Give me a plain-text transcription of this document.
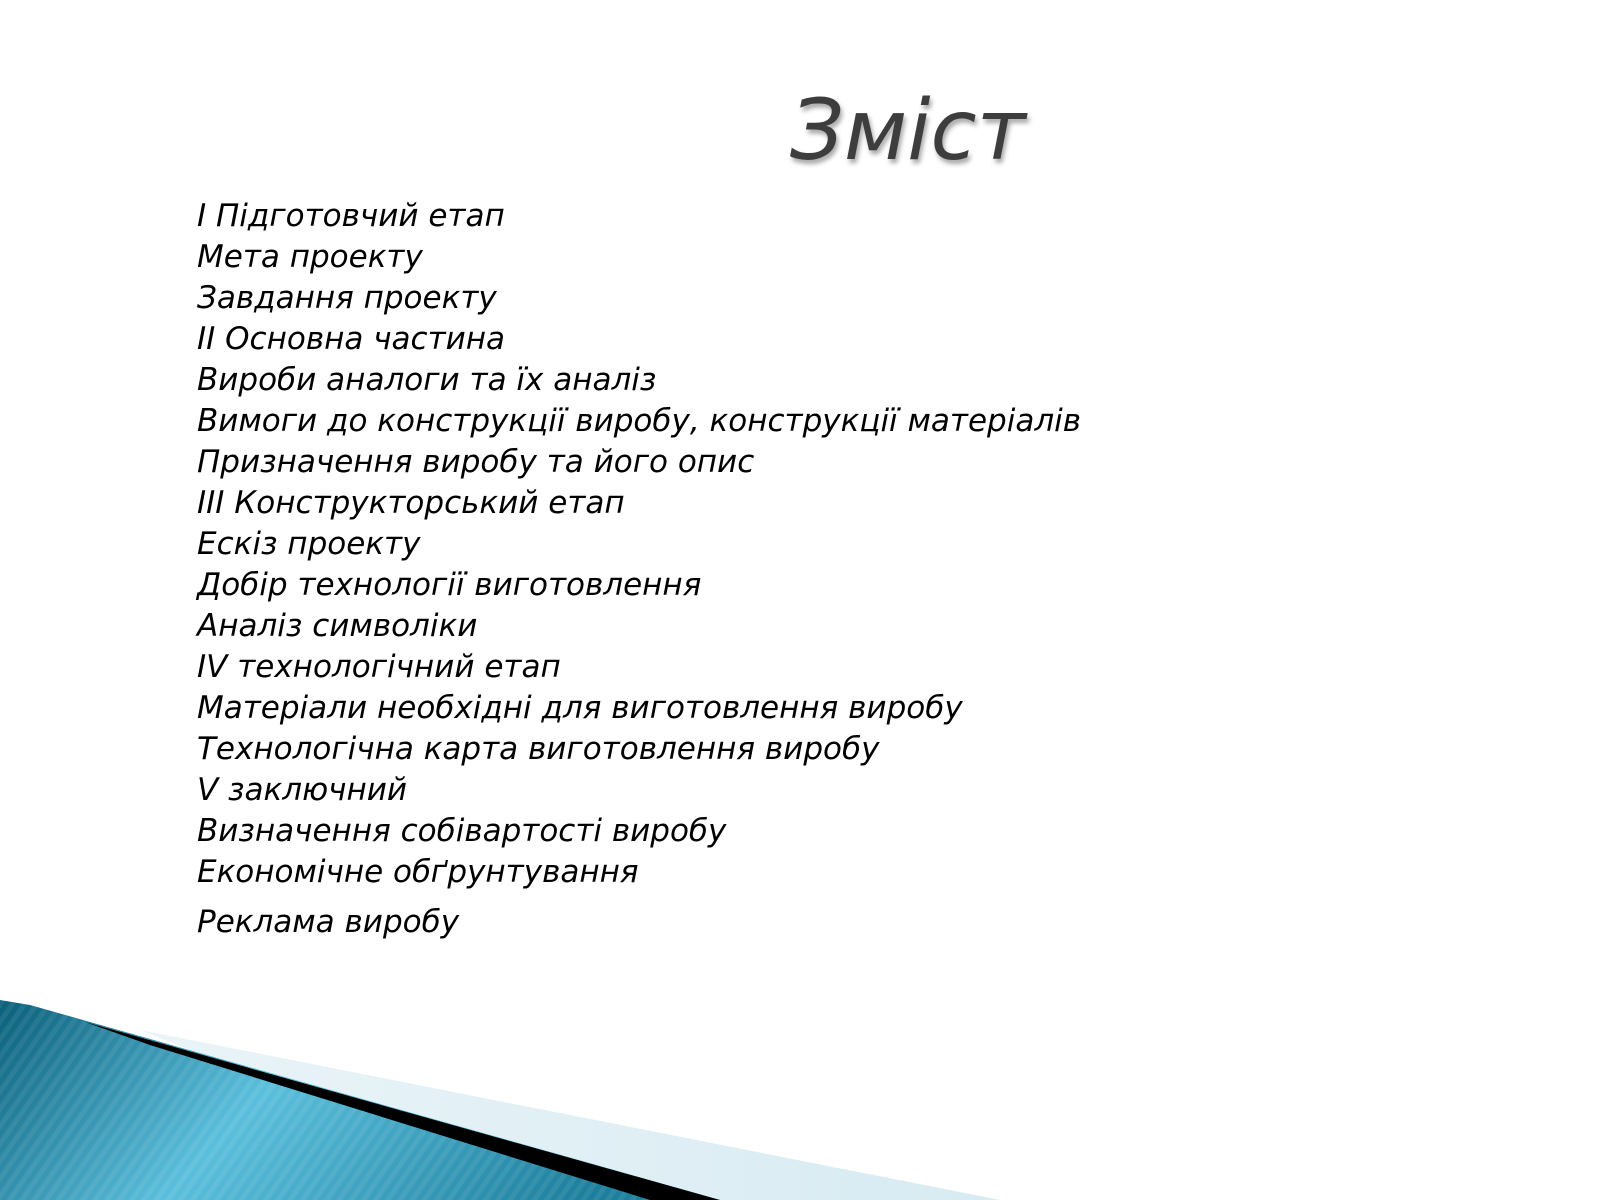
Зміст
І Підготовчий етап
Мета проекту
Завдання проекту
ІІ Основна частина
Вироби аналоги та їх аналіз
Вимоги до конструкції виробу, конструкції матеріалів
Призначення виробу та його опис
ІІІ Конструкторський етап
Ескіз проекту
Добір технології виготовлення
Аналіз символіки
ІV технологічний етап
Матеріали необхідні для виготовлення виробу
Технологічна карта виготовлення виробу
V заключний
Визначення собівартості виробу
Економічне обґрунтування
Реклама виробу
